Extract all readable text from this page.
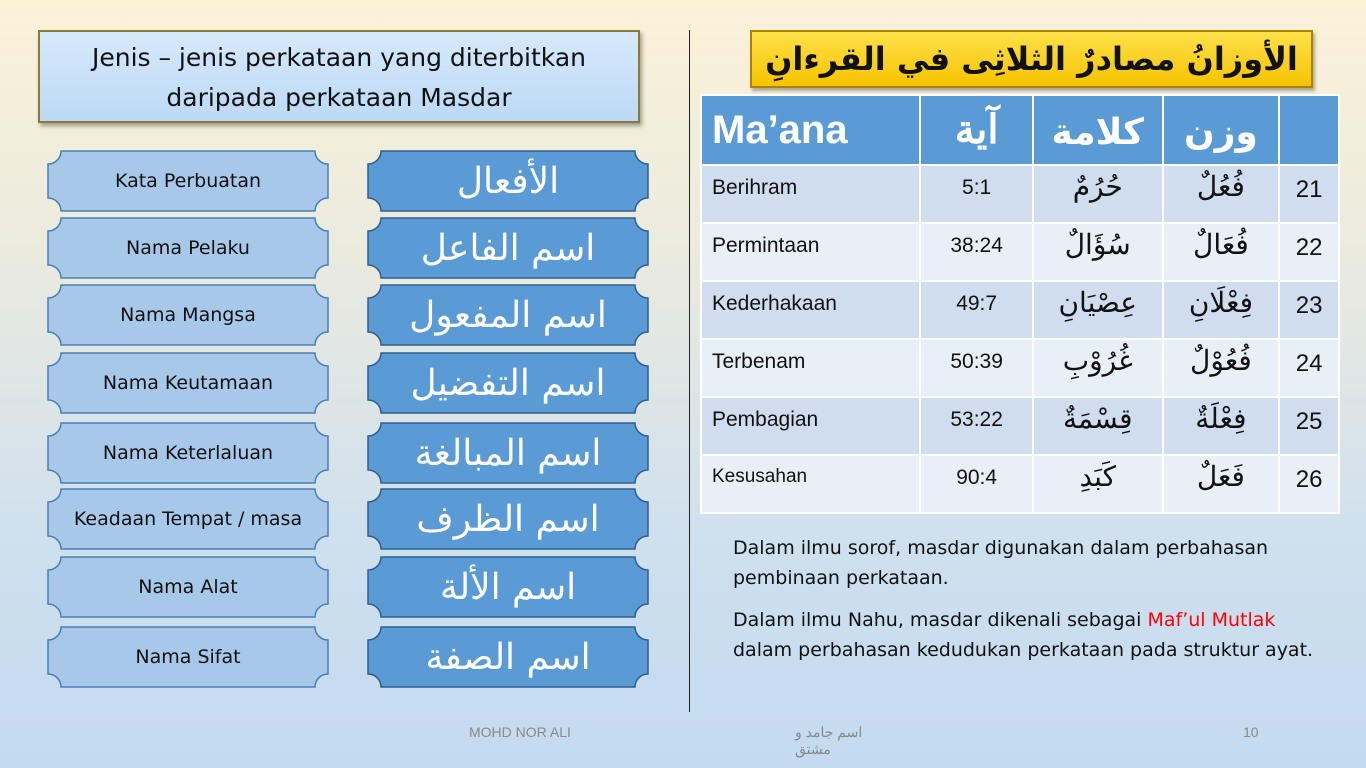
Jenis – jenis perkataan yang diterbitkan daripada perkataan Masdar
Kata Perbuatan	الأفعال
Nama Pelaku	اسم الفاعل
Nama Mangsa	اسم المفعول
Nama Keutamaan	اسم التفضيل
Nama Keterlaluan	اسم المبالغة
Keadaan Tempat / masa	اسم الظرف
Nama Alat	اسم الألة
Nama Sifat	اسم الصفة
الأوزانُ مصادرٌ الثلاثِى في القرءانِ
Ma’ana	آية	كلامة	وزن	
Berihram	5:1	حُرُمٌ	فُعُلٌ	21
Permintaan	38:24	سُؤَالٌ	فُعَالٌ	22
Kederhakaan	49:7	عِصْيَانِ	فِعْلَانِ	23
Terbenam	50:39	غُرُوْبِ	فُعُوْلٌ	24
Pembagian	53:22	قِسْمَةٌ	فِعْلَةٌ	25
Kesusahan	90:4	كَبَدِ	فَعَلٌ	26
Dalam ilmu sorof, masdar digunakan dalam perbahasan pembinaan perkataan.
Dalam ilmu Nahu, masdar dikenali sebagai Maf’ul Mutlak dalam perbahasan kedudukan perkataan pada struktur ayat.
MOHD NOR ALI	اسم جامد و مشتق
10
